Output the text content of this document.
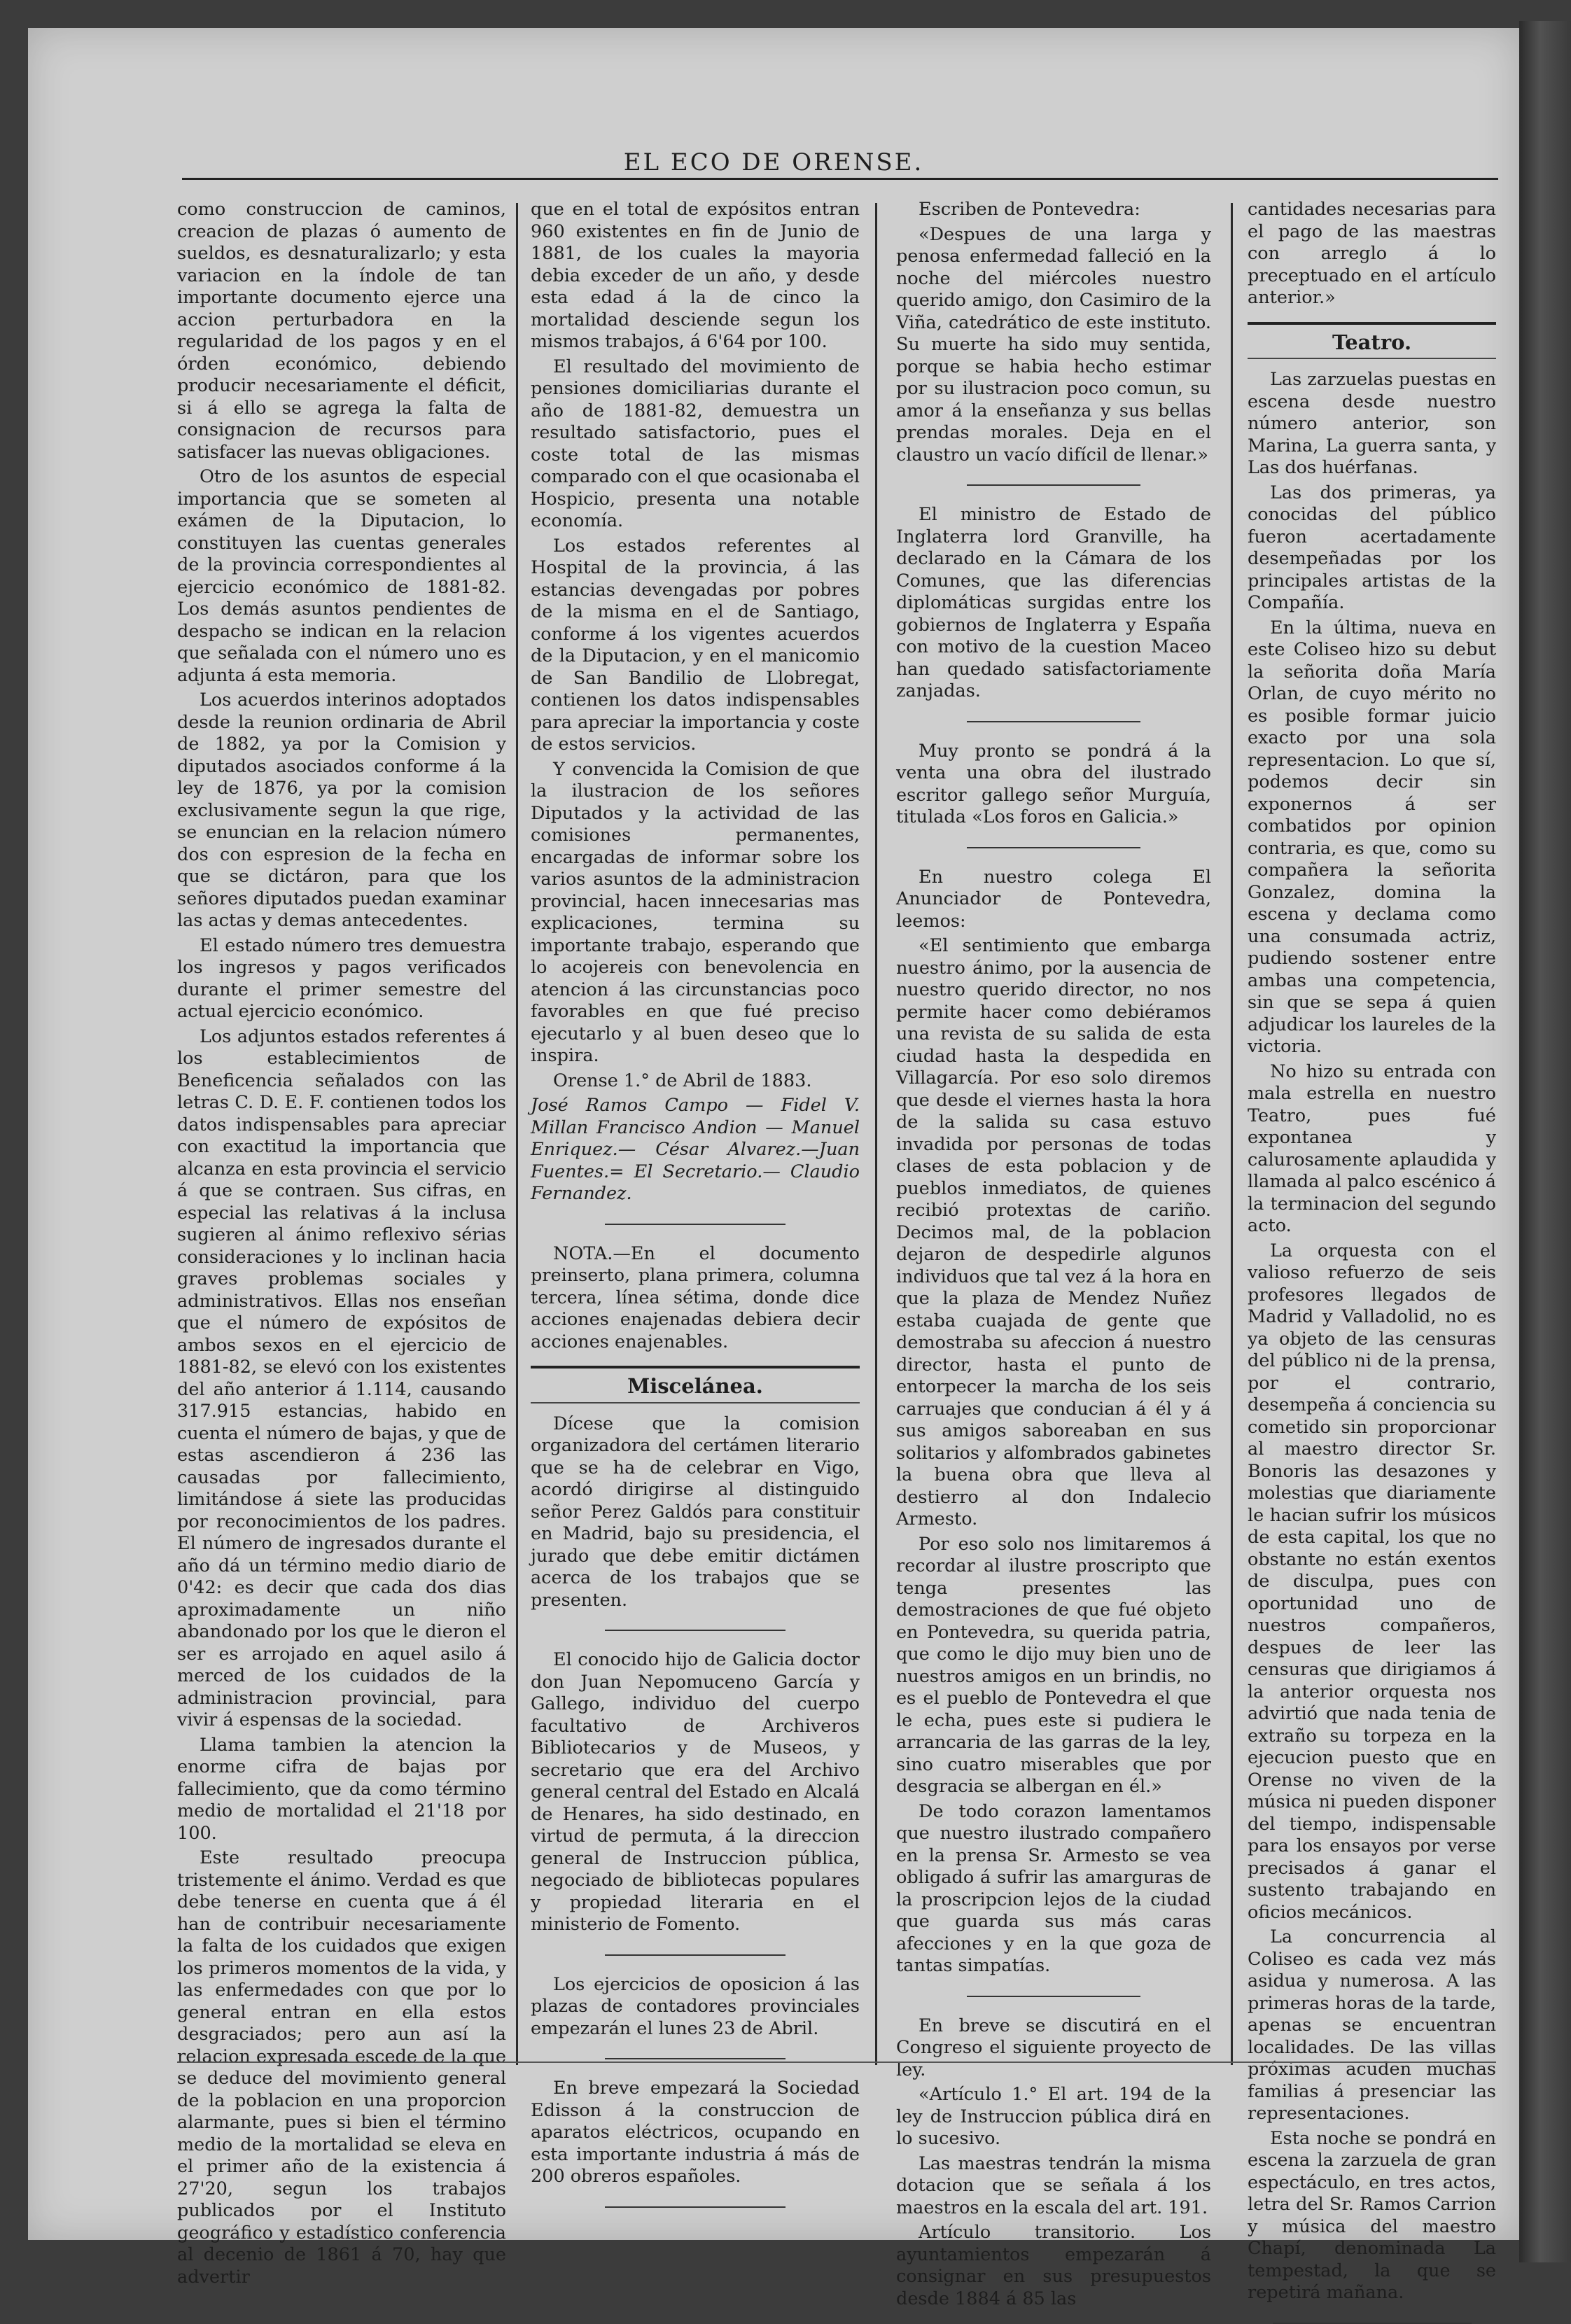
EL ECO DE ORENSE.

como construccion de caminos, creacion de plazas ó aumento de sueldos, es desnaturalizarlo; y esta variacion en la índole de tan importante documento ejerce una accion perturbadora en la regularidad de los pagos y en el órden económico, debiendo producir necesariamente el déficit, si á ello se agrega la falta de consignacion de recursos para satisfacer las nuevas obligaciones.

Otro de los asuntos de especial importancia que se someten al exámen de la Diputacion, lo constituyen las cuentas generales de la provincia correspondientes al ejercicio económico de 1881-82. Los demás asuntos pendientes de despacho se indican en la relacion que señalada con el número uno es adjunta á esta memoria.

Los acuerdos interinos adoptados desde la reunion ordinaria de Abril de 1882, ya por la Comision y diputados asociados conforme á la ley de 1876, ya por la comision exclusivamente segun la que rige, se enuncian en la relacion número dos con espresion de la fecha en que se dictáron, para que los señores diputados puedan examinar las actas y demas antecedentes.

El estado número tres demuestra los ingresos y pagos verificados durante el primer semestre del actual ejercicio económico.

Los adjuntos estados referentes á los establecimientos de Beneficencia señalados con las letras C. D. E. F. contienen todos los datos indispensables para apreciar con exactitud la importancia que alcanza en esta provincia el servicio á que se contraen. Sus cifras, en especial las relativas á la inclusa sugieren al ánimo reflexivo sérias consideraciones y lo inclinan hacia graves problemas sociales y administrativos. Ellas nos enseñan que el número de expósitos de ambos sexos en el ejercicio de 1881-82, se elevó con los existentes del año anterior á 1.114, causando 317.915 estancias, habido en cuenta el número de bajas, y que de estas ascendieron á 236 las causadas por fallecimiento, limitándose á siete las producidas por reconocimientos de los padres. El número de ingresados durante el año dá un término medio diario de 0'42: es decir que cada dos dias aproximadamente un niño abandonado por los que le dieron el ser es arrojado en aquel asilo á merced de los cuidados de la administracion provincial, para vivir á espensas de la sociedad.

Llama tambien la atencion la enorme cifra de bajas por fallecimiento, que da como término medio de mortalidad el 21'18 por 100.

Este resultado preocupa tristemente el ánimo. Verdad es que debe tenerse en cuenta que á él han de contribuir necesariamente la falta de los cuidados que exigen los primeros momentos de la vida, y las enfermedades con que por lo general entran en ella estos desgraciados; pero aun así la relacion expresada escede de la que se deduce del movimiento general de la poblacion en una proporcion alarmante, pues si bien el término medio de la mortalidad se eleva en el primer año de la existencia á 27'20, segun los trabajos publicados por el Instituto geográfico y estadístico conferencia al decenio de 1861 á 70, hay que advertir

que en el total de expósitos entran 960 existentes en fin de Junio de 1881, de los cuales la mayoria debia exceder de un año, y desde esta edad á la de cinco la mortalidad desciende segun los mismos trabajos, á 6'64 por 100.

El resultado del movimiento de pensiones domiciliarias durante el año de 1881-82, demuestra un resultado satisfactorio, pues el coste total de las mismas comparado con el que ocasionaba el Hospicio, presenta una notable economía.

Los estados referentes al Hospital de la provincia, á las estancias devengadas por pobres de la misma en el de Santiago, conforme á los vigentes acuerdos de la Diputacion, y en el manicomio de San Bandilio de Llobregat, contienen los datos indispensables para apreciar la importancia y coste de estos servicios.

Y convencida la Comision de que la ilustracion de los señores Diputados y la actividad de las comisiones permanentes, encargadas de informar sobre los varios asuntos de la administracion provincial, hacen innecesarias mas explicaciones, termina su importante trabajo, esperando que lo acojereis con benevolencia en atencion á las circunstancias poco favorables en que fué preciso ejecutarlo y al buen deseo que lo inspira.

Orense 1.° de Abril de 1883.

José Ramos Campo — Fidel V. Millan Francisco Andion — Manuel Enriquez.— César Alvarez.—Juan Fuentes.= El Secretario.— Claudio Fernandez.

NOTA.—En el documento preinserto, plana primera, columna tercera, línea sétima, donde dice acciones enajenadas debiera decir acciones enajenables.

Miscelánea.

Dícese que la comision organizadora del certámen literario que se ha de celebrar en Vigo, acordó dirigirse al distinguido señor Perez Galdós para constituir en Madrid, bajo su presidencia, el jurado que debe emitir dictámen acerca de los trabajos que se presenten.

El conocido hijo de Galicia doctor don Juan Nepomuceno García y Gallego, individuo del cuerpo facultativo de Archiveros Bibliotecarios y de Museos, y secretario que era del Archivo general central del Estado en Alcalá de Henares, ha sido destinado, en virtud de permuta, á la direccion general de Instruccion pública, negociado de bibliotecas populares y propiedad literaria en el ministerio de Fomento.

Los ejercicios de oposicion á las plazas de contadores provinciales empezarán el lunes 23 de Abril.

En breve empezará la Sociedad Edisson á la construccion de aparatos eléctricos, ocupando en esta importante industria á más de 200 obreros españoles.

Escriben de Pontevedra:

«Despues de una larga y penosa enfermedad falleció en la noche del miércoles nuestro querido amigo, don Casimiro de la Viña, catedrático de este instituto. Su muerte ha sido muy sentida, porque se habia hecho estimar por su ilustracion poco comun, su amor á la enseñanza y sus bellas prendas morales. Deja en el claustro un vacío difícil de llenar.»

El ministro de Estado de Inglaterra lord Granville, ha declarado en la Cámara de los Comunes, que las diferencias diplomáticas surgidas entre los gobiernos de Inglaterra y España con motivo de la cuestion Maceo han quedado satisfactoriamente zanjadas.

Muy pronto se pondrá á la venta una obra del ilustrado escritor gallego señor Murguía, titulada «Los foros en Galicia.»

En nuestro colega El Anunciador de Pontevedra, leemos:

«El sentimiento que embarga nuestro ánimo, por la ausencia de nuestro querido director, no nos permite hacer como debiéramos una revista de su salida de esta ciudad hasta la despedida en Villagarcía. Por eso solo diremos que desde el viernes hasta la hora de la salida su casa estuvo invadida por personas de todas clases de esta poblacion y de pueblos inmediatos, de quienes recibió protextas de cariño. Decimos mal, de la poblacion dejaron de despedirle algunos individuos que tal vez á la hora en que la plaza de Mendez Nuñez estaba cuajada de gente que demostraba su afeccion á nuestro director, hasta el punto de entorpecer la marcha de los seis carruajes que conducian á él y á sus amigos saboreaban en sus solitarios y alfombrados gabinetes la buena obra que lleva al destierro al don Indalecio Armesto.

Por eso solo nos limitaremos á recordar al ilustre proscripto que tenga presentes las demostraciones de que fué objeto en Pontevedra, su querida patria, que como le dijo muy bien uno de nuestros amigos en un brindis, no es el pueblo de Pontevedra el que le echa, pues este si pudiera le arrancaria de las garras de la ley, sino cuatro miserables que por desgracia se albergan en él.»

De todo corazon lamentamos que nuestro ilustrado compañero en la prensa Sr. Armesto se vea obligado á sufrir las amarguras de la proscripcion lejos de la ciudad que guarda sus más caras afecciones y en la que goza de tantas simpatías.

En breve se discutirá en el Congreso el siguiente proyecto de ley.

«Artículo 1.° El art. 194 de la ley de Instruccion pública dirá en lo sucesivo.

Las maestras tendrán la misma dotacion que se señala á los maestros en la escala del art. 191.

Artículo transitorio. Los ayuntamientos empezarán á consignar en sus presupuestos desde 1884 á 85 las

cantidades necesarias para el pago de las maestras con arreglo á lo preceptuado en el artículo anterior.»

Teatro.

Las zarzuelas puestas en escena desde nuestro número anterior, son Marina, La guerra santa, y Las dos huérfanas.

Las dos primeras, ya conocidas del público fueron acertadamente desempeñadas por los principales artistas de la Compañía.

En la última, nueva en este Coliseo hizo su debut la señorita doña María Orlan, de cuyo mérito no es posible formar juicio exacto por una sola representacion. Lo que sí, podemos decir sin exponernos á ser combatidos por opinion contraria, es que, como su compañera la señorita Gonzalez, domina la escena y declama como una consumada actriz, pudiendo sostener entre ambas una competencia, sin que se sepa á quien adjudicar los laureles de la victoria.

No hizo su entrada con mala estrella en nuestro Teatro, pues fué expontanea y calurosamente aplaudida y llamada al palco escénico á la terminacion del segundo acto.

La orquesta con el valioso refuerzo de seis profesores llegados de Madrid y Valladolid, no es ya objeto de las censuras del público ni de la prensa, por el contrario, desempeña á conciencia su cometido sin proporcionar al maestro director Sr. Bonoris las desazones y molestias que diariamente le hacian sufrir los músicos de esta capital, los que no obstante no están exentos de disculpa, pues con oportunidad uno de nuestros compañeros, despues de leer las censuras que dirigiamos á la anterior orquesta nos advirtió que nada tenia de extraño su torpeza en la ejecucion puesto que en Orense no viven de la música ni pueden disponer del tiempo, indispensable para los ensayos por verse precisados á ganar el sustento trabajando en oficios mecánicos.

La concurrencia al Coliseo es cada vez más asidua y numerosa. A las primeras horas de la tarde, apenas se encuentran localidades. De las villas próximas acuden muchas familias á presenciar las representaciones.

Esta noche se pondrá en escena la zarzuela de gran espectáculo, en tres actos, letra del Sr. Ramos Carrion y música del maestro Chapí, denominada La tempestad, la que se repetirá mañana.
